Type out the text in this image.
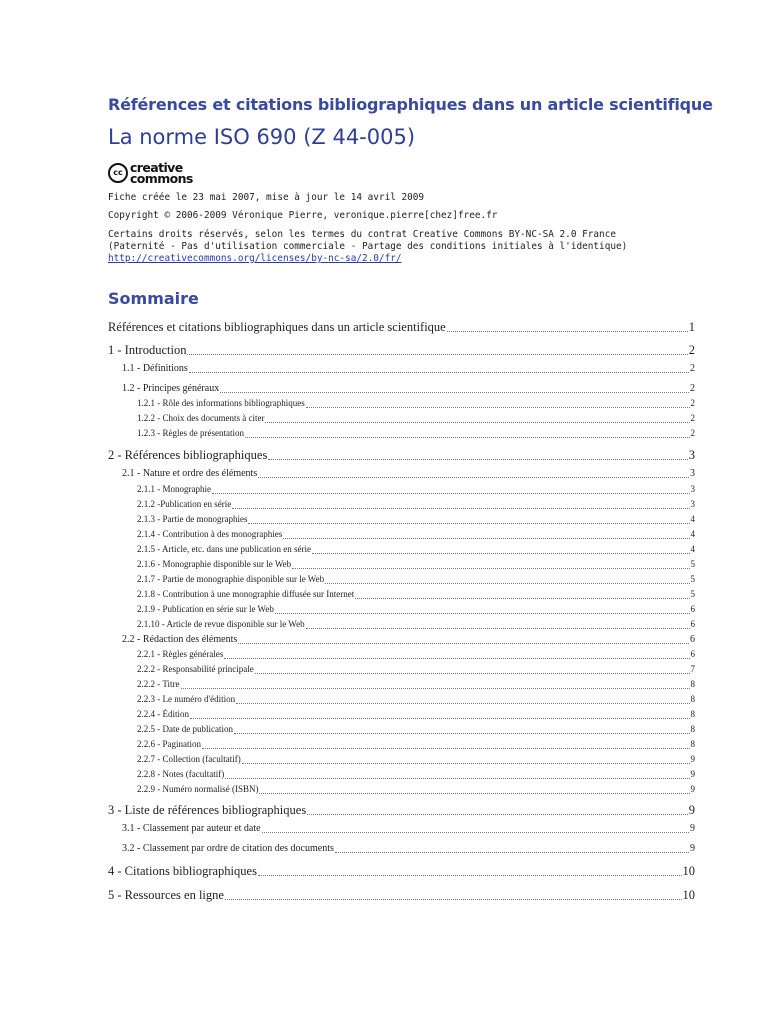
Références et citations bibliographiques dans un article scientifique
La norme ISO 690 (Z 44-005)
cc creative
commons
Fiche créée le 23 mai 2007, mise à jour le 14 avril 2009
Copyright © 2006-2009 Véronique Pierre, veronique.pierre[chez]free.fr
Certains droits réservés, selon les termes du contrat Creative Commons BY-NC-SA 2.0 France
(Paternité - Pas d'utilisation commerciale - Partage des conditions initiales à l'identique)
http://creativecommons.org/licenses/by-nc-sa/2.0/fr/
Sommaire
Références et citations bibliographiques dans un article scientifique	1
1 - Introduction	2
1.1 - Définitions	2
1.2 - Principes généraux	2
1.2.1 - Rôle des informations bibliographiques	2
1.2.2 - Choix des documents à citer	2
1.2.3 - Règles de présentation	2
2 - Références bibliographiques	3
2.1 - Nature et ordre des éléments	3
2.1.1 - Monographie	3
2.1.2 -Publication en série	3
2.1.3 - Partie de monographies	4
2.1.4 - Contribution à des monographies	4
2.1.5 - Article, etc. dans une publication en série	4
2.1.6 - Monographie disponible sur le Web	5
2.1.7 - Partie de monographie disponible sur le Web	5
2.1.8 - Contribution à une monographie diffusée sur Internet	5
2.1.9 - Publication en série sur le Web	6
2.1.10 - Article de revue disponible sur le Web	6
2.2 - Rédaction des éléments	6
2.2.1 - Règles générales	6
2.2.2 - Responsabilité principale	7
2.2.2 - Titre	8
2.2.3 - Le numéro d'édition	8
2.2.4 - Édition	8
2.2.5 - Date de publication	8
2.2.6 - Pagination	8
2.2.7 - Collection (facultatif)	9
2.2.8 - Notes (facultatif)	9
2.2.9 - Numéro normalisé (ISBN)	9
3 - Liste de références bibliographiques	9
3.1 - Classement par auteur et date	9
3.2 - Classement par ordre de citation des documents	9
4 - Citations bibliographiques	10
5 - Ressources en ligne	10
